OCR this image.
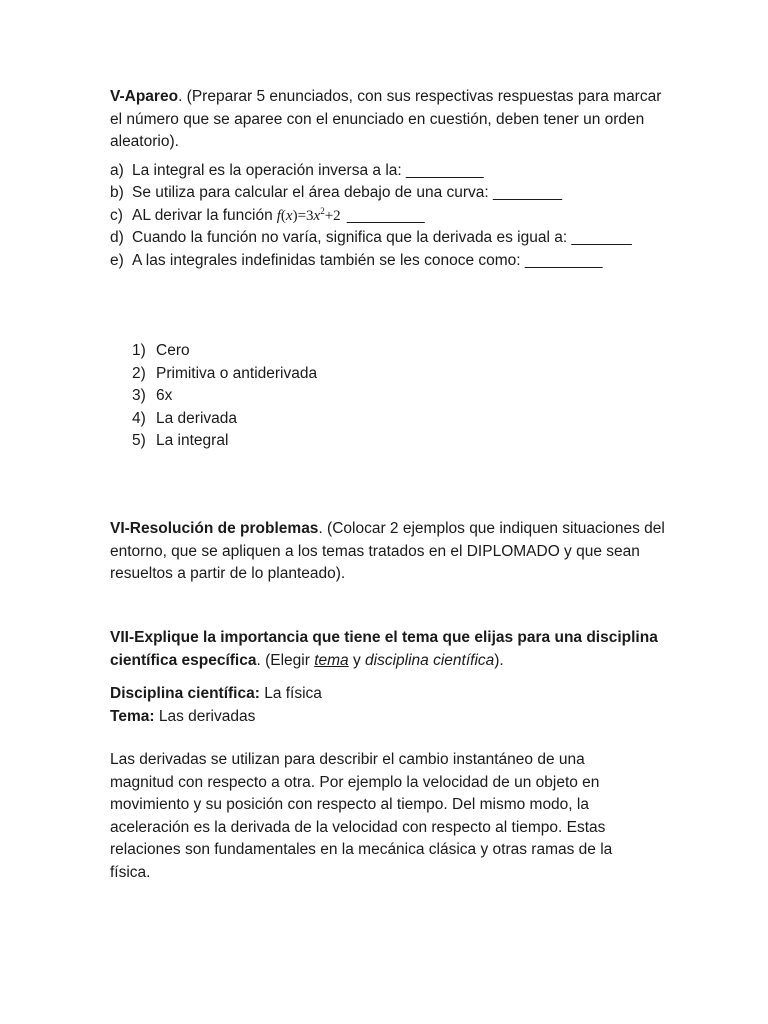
V-Apareo. (Preparar 5 enunciados, con sus respectivas respuestas para marcar el número que se aparee con el enunciado en cuestión, deben tener un orden aleatorio).

a) La integral es la operación inversa a la: _________
b) Se utiliza para calcular el área debajo de una curva: ________
c) AL derivar la función $f(x)=3x^2+2$ _________
d) Cuando la función no varía, significa que la derivada es igual a: _______
e) A las integrales indefinidas también se les conoce como: _________
1) Cero
2) Primitiva o antiderivada
3) 6x
4) La derivada
5) La integral

VI-Resolución de problemas. (Colocar 2 ejemplos que indiquen situaciones del entorno, que se apliquen a los temas tratados en el DIPLOMADO y que sean resueltos a partir de lo planteado).

VII-Explique la importancia que tiene el tema que elijas para una disciplina científica específica. (Elegir tema y disciplina científica).

Disciplina científica: La física

Tema: Las derivadas

Las derivadas se utilizan para describir el cambio instantáneo de una magnitud con respecto a otra. Por ejemplo la velocidad de un objeto en movimiento y su posición con respecto al tiempo. Del mismo modo, la aceleración es la derivada de la velocidad con respecto al tiempo. Estas relaciones son fundamentales en la mecánica clásica y otras ramas de la física.
